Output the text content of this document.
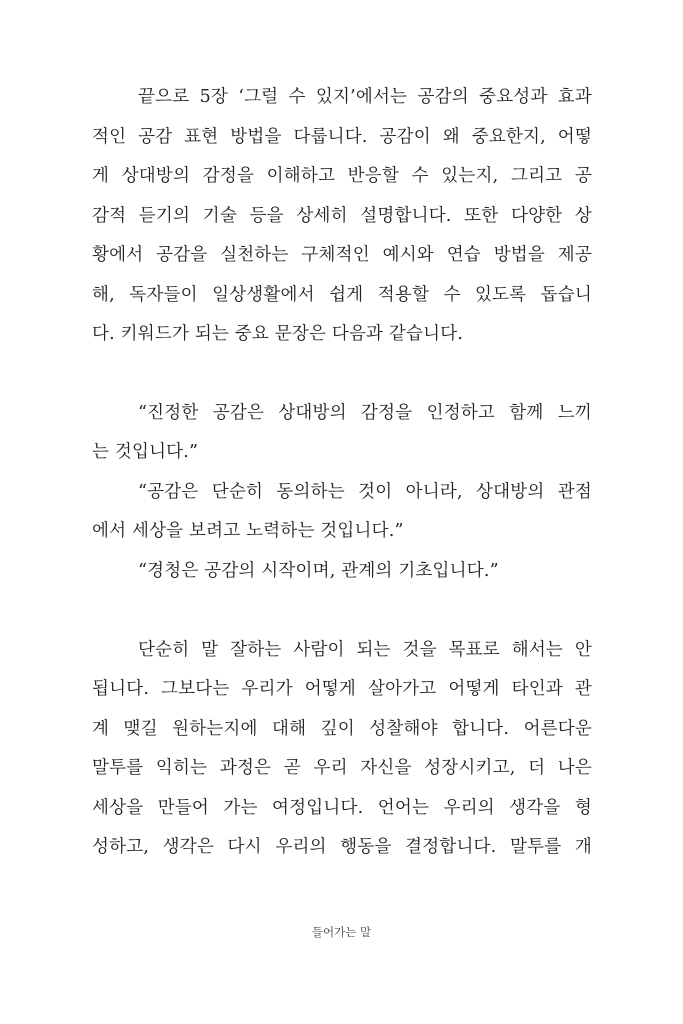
끝으로 5장 ‘그럴 수 있지’에서는 공감의 중요성과 효과
적인 공감 표현 방법을 다룹니다. 공감이 왜 중요한지, 어떻
게 상대방의 감정을 이해하고 반응할 수 있는지, 그리고 공
감적 듣기의 기술 등을 상세히 설명합니다. 또한 다양한 상
황에서 공감을 실천하는 구체적인 예시와 연습 방법을 제공
해, 독자들이 일상생활에서 쉽게 적용할 수 있도록 돕습니
다. 키워드가 되는 중요 문장은 다음과 같습니다.
“진정한 공감은 상대방의 감정을 인정하고 함께 느끼
는 것입니다.”
“공감은 단순히 동의하는 것이 아니라, 상대방의 관점
에서 세상을 보려고 노력하는 것입니다.”
“경청은 공감의 시작이며, 관계의 기초입니다.”
단순히 말 잘하는 사람이 되는 것을 목표로 해서는 안
됩니다. 그보다는 우리가 어떻게 살아가고 어떻게 타인과 관
계 맺길 원하는지에 대해 깊이 성찰해야 합니다. 어른다운
말투를 익히는 과정은 곧 우리 자신을 성장시키고, 더 나은
세상을 만들어 가는 여정입니다. 언어는 우리의 생각을 형
성하고, 생각은 다시 우리의 행동을 결정합니다. 말투를 개
들어가는 말
